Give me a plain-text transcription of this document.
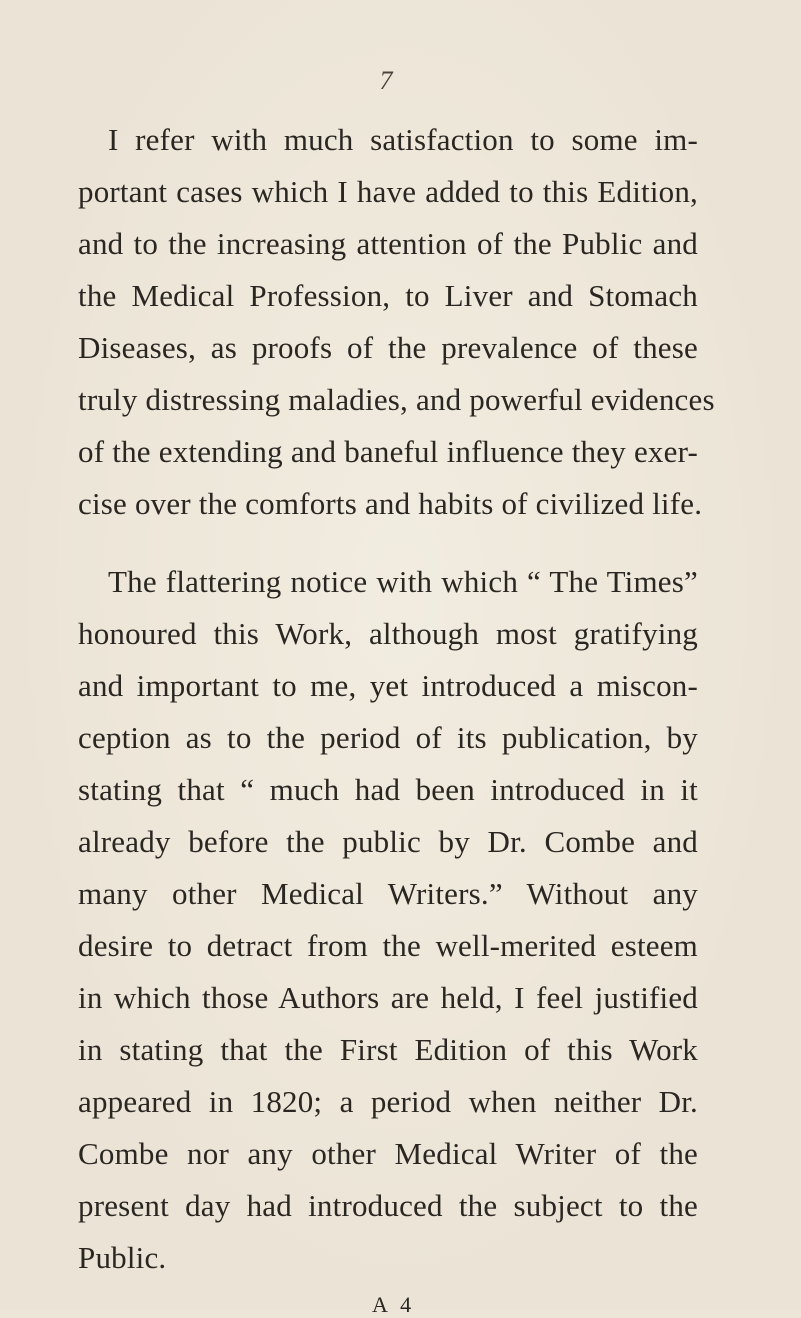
7
I refer with much satisfaction to some im-
portant cases which I have added to this Edition,
and to the increasing attention of the Public and
the Medical Profession, to Liver and Stomach
Diseases, as proofs of the prevalence of these
truly distressing maladies, and powerful evidences
of the extending and baneful influence they exer-
cise over the comforts and habits of civilized life.
The flattering notice with which “ The Times”
honoured this Work, although most gratifying
and important to me, yet introduced a miscon-
ception as to the period of its publication, by
stating that “ much had been introduced in it
already before the public by Dr. Combe and
many other Medical Writers.” Without any
desire to detract from the well-merited esteem
in which those Authors are held, I feel justified
in stating that the First Edition of this Work
appeared in 1820; a period when neither Dr.
Combe nor any other Medical Writer of the
present day had introduced the subject to the
Public.
A 4
